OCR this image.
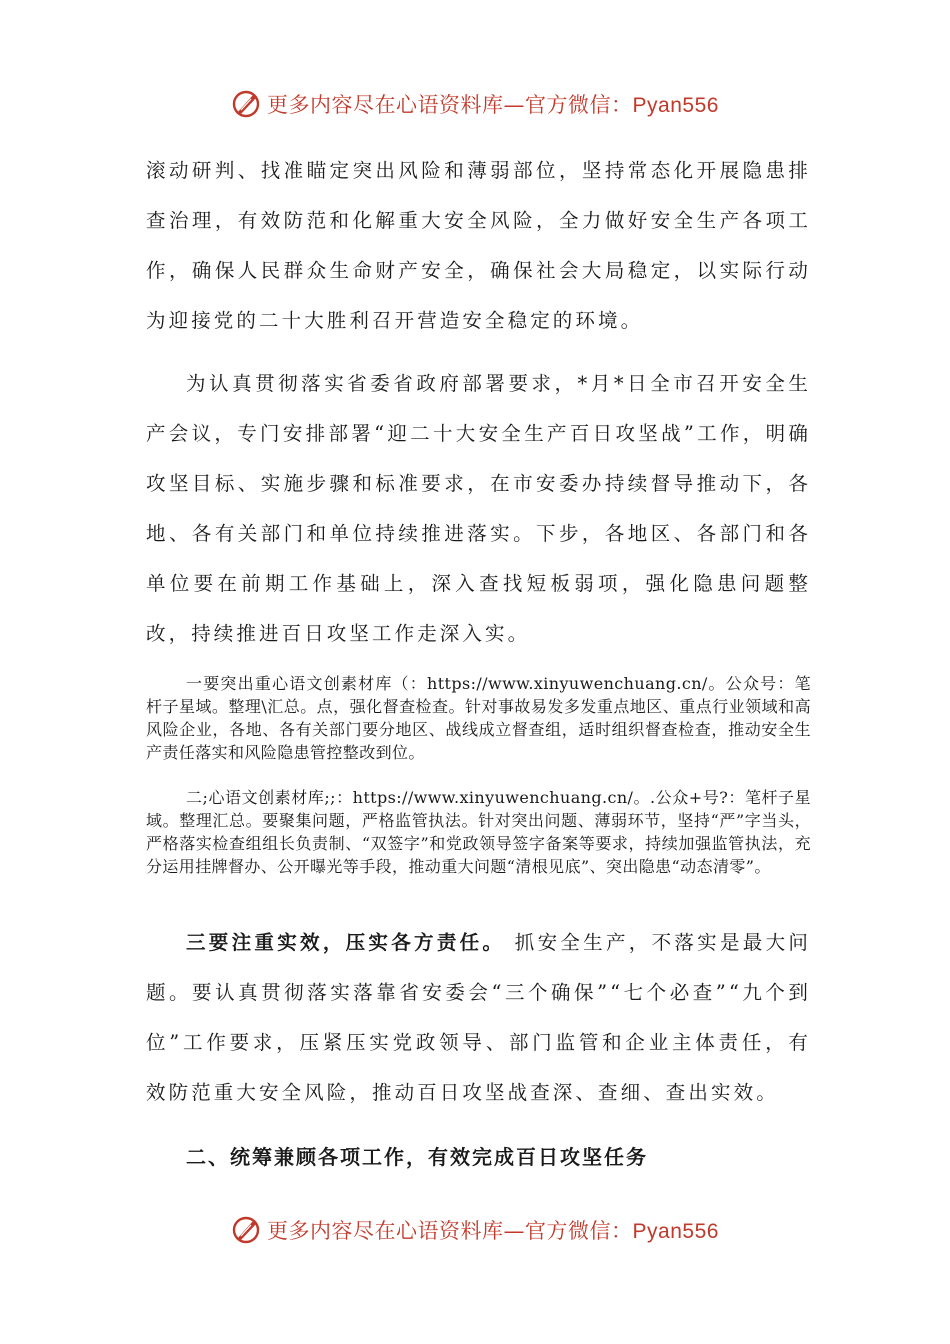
更多内容尽在心语资料库—官方微信：Pyan556

滚动研判、找准瞄定突出风险和薄弱部位，坚持常态化开展隐患排查治理，有效防范和化解重大安全风险，全力做好安全生产各项工作，确保人民群众生命财产安全，确保社会大局稳定，以实际行动为迎接党的二十大胜利召开营造安全稳定的环境。

为认真贯彻落实省委省政府部署要求，*月*日全市召开安全生产会议，专门安排部署“迎二十大安全生产百日攻坚战”工作，明确攻坚目标、实施步骤和标准要求，在市安委办持续督导推动下，各地、各有关部门和单位持续推进落实。下步，各地区、各部门和各单位要在前期工作基础上，深入查找短板弱项，强化隐患问题整改，持续推进百日攻坚工作走深入实。

一要突出重心语文创素材库（：https://www.xinyuwenchuang.cn/。公众号：笔杆子星域。整理\汇总。点，强化督查检查。针对事故易发多发重点地区、重点行业领域和高风险企业，各地、各有关部门要分地区、战线成立督查组，适时组织督查检查，推动安全生产责任落实和风险隐患管控整改到位。

二;心语文创素材库;;：https://www.xinyuwenchuang.cn/。.公众+号?：笔杆子星域。整理汇总。要聚集问题，严格监管执法。针对突出问题、薄弱环节，坚持“严”字当头，严格落实检查组组长负责制、“双签字”和党政领导签字备案等要求，持续加强监管执法，充分运用挂牌督办、公开曝光等手段，推动重大问题“清根见底”、突出隐患“动态清零”。

三要注重实效，压实各方责任。 抓安全生产，不落实是最大问题。要认真贯彻落实落靠省安委会“三个确保”“七个必查”“九个到位”工作要求，压紧压实党政领导、部门监管和企业主体责任，有效防范重大安全风险，推动百日攻坚战查深、查细、查出实效。

二、统筹兼顾各项工作，有效完成百日攻坚任务
更多内容尽在心语资料库—官方微信：Pyan556
